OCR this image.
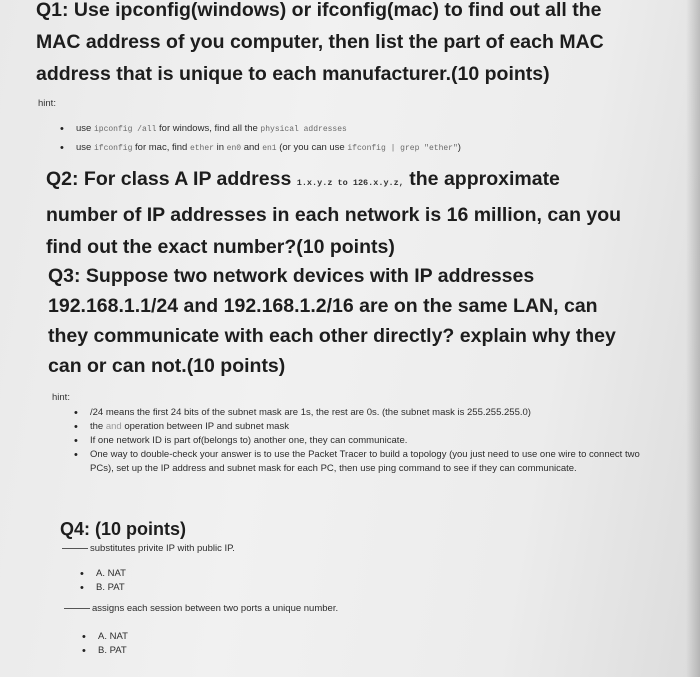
Q1: Use ipconfig(windows) or ifconfig(mac) to find out all the

MAC address of you computer, then list the part of each MAC

address that is unique to each manufacturer.(10 points)

hint:

• use ipconfig /all for windows, find all the physical addresses
• use ifconfig for mac, find ether in en0 and en1 (or you can use ifconfig | grep "ether")

Q2: For class A IP address 1.x.y.z to 126.x.y.z, the approximate

number of IP addresses in each network is 16 million, can you

find out the exact number?(10 points)

Q3: Suppose two network devices with IP addresses

192.168.1.1/24 and 192.168.1.2/16 are on the same LAN, can

they communicate with each other directly? explain why they

can or can not.(10 points)

hint:

• /24 means the first 24 bits of the subnet mask are 1s, the rest are 0s. (the subnet mask is 255.255.255.0)
• the and operation between IP and subnet mask
• If one network ID is part of(belongs to) another one, they can communicate.
• One way to double-check your answer is to use the Packet Tracer to build a topology (you just need to use one wire to connect two PCs), set up the IP address and subnet mask for each PC, then use ping command to see if they can communicate.

Q4: (10 points)

substitutes privite IP with public IP.

• A. NAT
• B. PAT

assigns each session between two ports a unique number.

• A. NAT
• B. PAT
